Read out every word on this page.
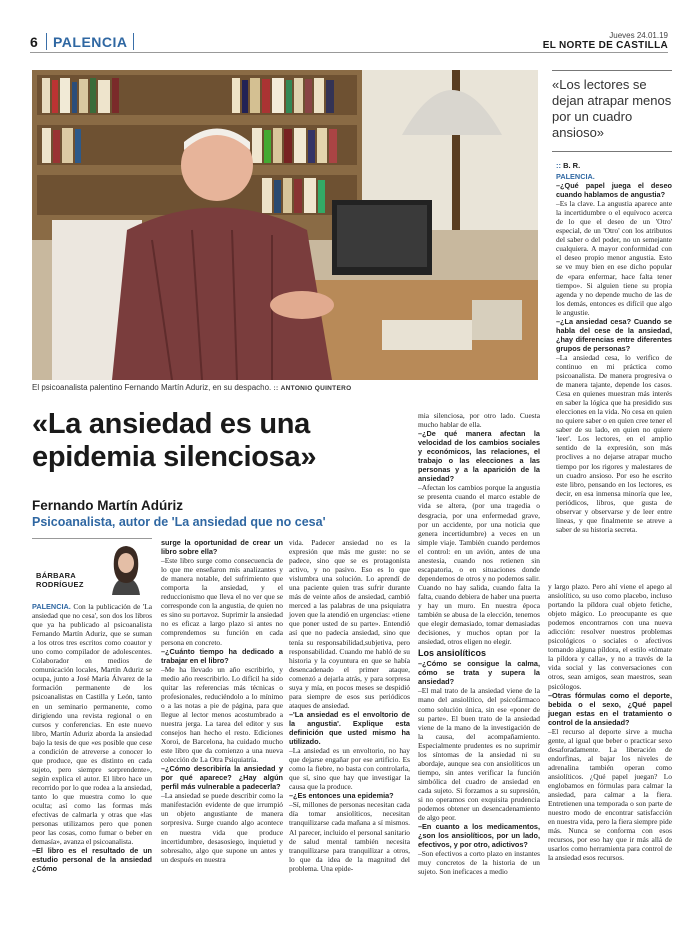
6 PALENCIA	Jueves 24.01.19
EL NORTE DE CASTILLA
El psicoanalista palentino Fernando Martín Aduriz, en su despacho. :: ANTONIO QUINTERO
«La ansiedad es una epidemia silenciosa»
Fernando Martín Adúriz
Psicoanalista, autor de 'La ansiedad que no cesa'
BÁRBARA
RODRÍGUEZ

PALENCIA. Con la publicación de 'La ansiedad que no cesa', son dos los libros que ya ha publicado al psicoanalista Fernando Martín Aduriz, que se suman a los otros tres escritos como coautor y uno como compilador de adolescentes. Colaborador en medios de comunicación locales, Martín Aduriz se ocupa, junto a José María Álvarez de la formación permanente de los psicoanalistas en Castilla y León, tanto en un seminario permanente, como dirigiendo una revista regional o en cursos y conferencias. En este nuevo libro, Martín Aduriz aborda la ansiedad bajo la tesis de que «es posible que cese a condición de atreverse a conocer lo que produce, que es distinto en cada sujeto, pero siempre sorprendente», según explica el autor. El libro hace un recorrido por lo que rodea a la ansiedad, tanto lo que muestra como lo que oculta; así como las formas más efectivas de calmarla y otras que «las personas utilizamos pero que ponen peor las cosas, como fumar o beber en demasía», avanza el psicoanalista.

–El libro es el resultado de un estudio personal de la ansiedad ¿Cómo

surge la oportunidad de crear un libro sobre ella?

–Este libro surge como consecuencia de lo que me enseñaron mis analizantes y de manera notable, del sufrimiento que comporta la ansiedad, y el reduccionismo que lleva el no ver que se corresponde con la angustia, de quien no es sino su portavoz. Suprimir la ansiedad no es eficaz a largo plazo si antes no comprendemos su función en cada persona en concreto.

–¿Cuánto tiempo ha dedicado a trabajar en el libro?

–Me ha llevado un año escribirlo, y medio año reescribirlo. Lo difícil ha sido quitar las referencias más técnicas o profesionales, reduciéndolo a lo mínimo o a las notas a pie de página, para que llegue al lector menos acostumbrado a nuestra jerga. La tarea del editor y sus consejos han hecho el resto. Ediciones Xoroi, de Barcelona, ha cuidado mucho este libro que da comienzo a una nueva colección de La Otra Psiquiatría.

–¿Cómo describiría la ansiedad y por qué aparece? ¿Hay algún perfil más vulnerable a padecerla?

–La ansiedad se puede describir como la manifestación evidente de que irrumpió un objeto angustiante de manera sorpresiva. Surge cuando algo acontece en nuestra vida que produce incertidumbre, desasosiego, inquietud y sobresalto, algo que supone un antes y un después en nuestra

vida. Padecer ansiedad no es la expresión que más me guste: no se padece, sino que se es protagonista activo, y no pasivo. Eso es lo que vislumbra una solución. Lo aprendí de una paciente quien tras sufrir durante más de veinte años de ansiedad, cambió merced a las palabras de una psiquiatra joven que la atendió en urgencias: «tiene que poner usted de su parte». Entendió así que no padecía ansiedad, sino que tenía su responsabilidad,subjetiva, pero responsabilidad. Cuando me habló de su historia y la coyuntura en que se había desencadenado el primer ataque, comenzó a dejarla atrás, y para sorpresa suya y mía, en pocos meses se despidió para siempre de esos sus periódicos ataques de ansiedad.

–'La ansiedad es el envoltorio de la angustia'. Explique esta definición que usted mismo ha utilizado.

–La ansiedad es un envoltorio, no hay que dejarse engañar por ese artificio. Es como la fiebre, no basta con controlarla, que sí, sino que hay que investigar la causa que la produce.

–¿Es entonces una epidemia?

–Sí, millones de personas necesitan cada día tomar ansiolíticos, necesitan tranquilizarse cada mañana a sí mismos. Al parecer, incluido el personal sanitario de salud mental también necesita tranquilizarse para tranquilizar a otros, lo que da idea de la magnitud del problema. Una epide-

mia silenciosa, por otro lado. Cuesta mucho hablar de ella.

–¿De qué manera afectan la velocidad de los cambios sociales y económicos, las relaciones, el trabajo o las elecciones a las personas y a la aparición de la ansiedad?

–Afectan los cambios porque la angustia se presenta cuando el marco estable de vida se altera, (por una tragedia o desgracia, por una enfermedad grave, por un accidente, por una noticia que genera incertidumbre) a veces en un simple viaje. También cuando perdemos el control: en un avión, antes de una anestesia, cuando nos retienen sin escapatoria, o en situaciones donde dependemos de otros y no podemos salir. Cuando no hay salida, cuando falta la falta, cuando debiera de haber una puerta y hay un muro. En nuestra época también se abusa de la elección, tenemos que elegir demasiado, tomar demasiadas decisiones, y muchos optan por la ansiedad, otros eligen no elegir.

Los ansiolíticos

–¿Cómo se consigue la calma, cómo se trata y supera la ansiedad?

–El mal trato de la ansiedad viene de la mano del ansiolítico, del psicofármaco como solución única, sin ese «poner de su parte». El buen trato de la ansiedad viene de la mano de la investigación de la causa, del acompañamiento. Especialmente prudentes es no suprimir los síntomas de la ansiedad ni su abordaje, aunque sea con ansiolíticos un tiempo, sin antes verificar la función simbólica del cuadro de ansiedad en cada sujeto. Si forzamos a su supresión, si no operamos con exquisita prudencia podemos obtener un desencadenamiento de algo peor.

–En cuanto a los medicamentos, ¿son los ansiolíticos, por un lado, efectivos, y por otro, adictivos?

–Son efectivos a corto plazo en instantes muy concretos de la historia de un sujeto. Son ineficaces a medio

«Los lectores se dejan atrapar menos por un cuadro ansioso»
:: B. R.

PALENCIA.

–¿Qué papel juega el deseo cuando hablamos de angustia?

–Es la clave. La angustia aparece ante la incertidumbre o el equívoco acerca de lo que el deseo de un 'Otro' especial, de un 'Otro' con los atributos del saber o del poder, no un semejante cualquiera. A mayor conformidad con el deseo propio menor angustia. Esto se ve muy bien en ese dicho popular de «para enfermar, hace falta tener tiempo». Si alguien tiene su propia agenda y no depende mucho de las de los demás, entonces es difícil que algo le angustie.

–¿La ansiedad cesa? Cuando se habla del cese de la ansiedad, ¿hay diferencias entre diferentes grupos de personas?

–La ansiedad cesa, lo verifico de continuo en mi práctica como psicoanalista. De manera progresiva o de manera tajante, depende los casos. Cesa en quienes muestran más interés en saber la lógica que ha presidido sus elecciones en la vida. No cesa en quien no quiere saber o en quien cree tener el saber de su lado, en quien no quiere 'leer'. Los lectores, en el amplio sentido de la expresión, son más proclives a no dejarse atrapar mucho tiempo por los rigores y malestares de un cuadro ansioso. Por eso he escrito este libro, pensando en los lectores, es decir, en esa inmensa minoría que lee, periódicos, libros, que gusta de observar y observarse y de leer entre líneas, y que finalmente se atreve a saber de su historia secreta.

y largo plazo. Pero ahí viene el apego al ansiolítico, su uso como placebo, incluso portando la píldora cual objeto fetiche, objeto mágico. Lo preocupante es que podemos encontrarnos con una nueva adicción: resolver nuestros problemas psicológicos o sociales o afectivos tomando alguna píldora, el estilo «tómate la píldora y calla», y no a través de la vida social y las conversaciones con otros, sean amigos, sean maestros, sean psicólogos.

–Otras fórmulas como el deporte, bebida o el sexo, ¿Qué papel juegan estas en el tratamiento o control de la ansiedad?

–El recurso al deporte sirve a mucha gente, al igual que beber o practicar sexo desaforadamente. La liberación de endorfinas, al bajar los niveles de adrenalina también operan como ansiolíticos. ¿Qué papel juegan? Lo englobamos en fórmulas para calmar la ansiedad, para calmar a la fiera. Entretienen una temporada o son parte de nuestro modo de encontrar satisfacción en nuestra vida, pero la fiera siempre pide más. Nunca se conforma con esos recursos, por eso hay que ir más allá de usarlos como herramienta para control de la ansiedad esos recursos.
